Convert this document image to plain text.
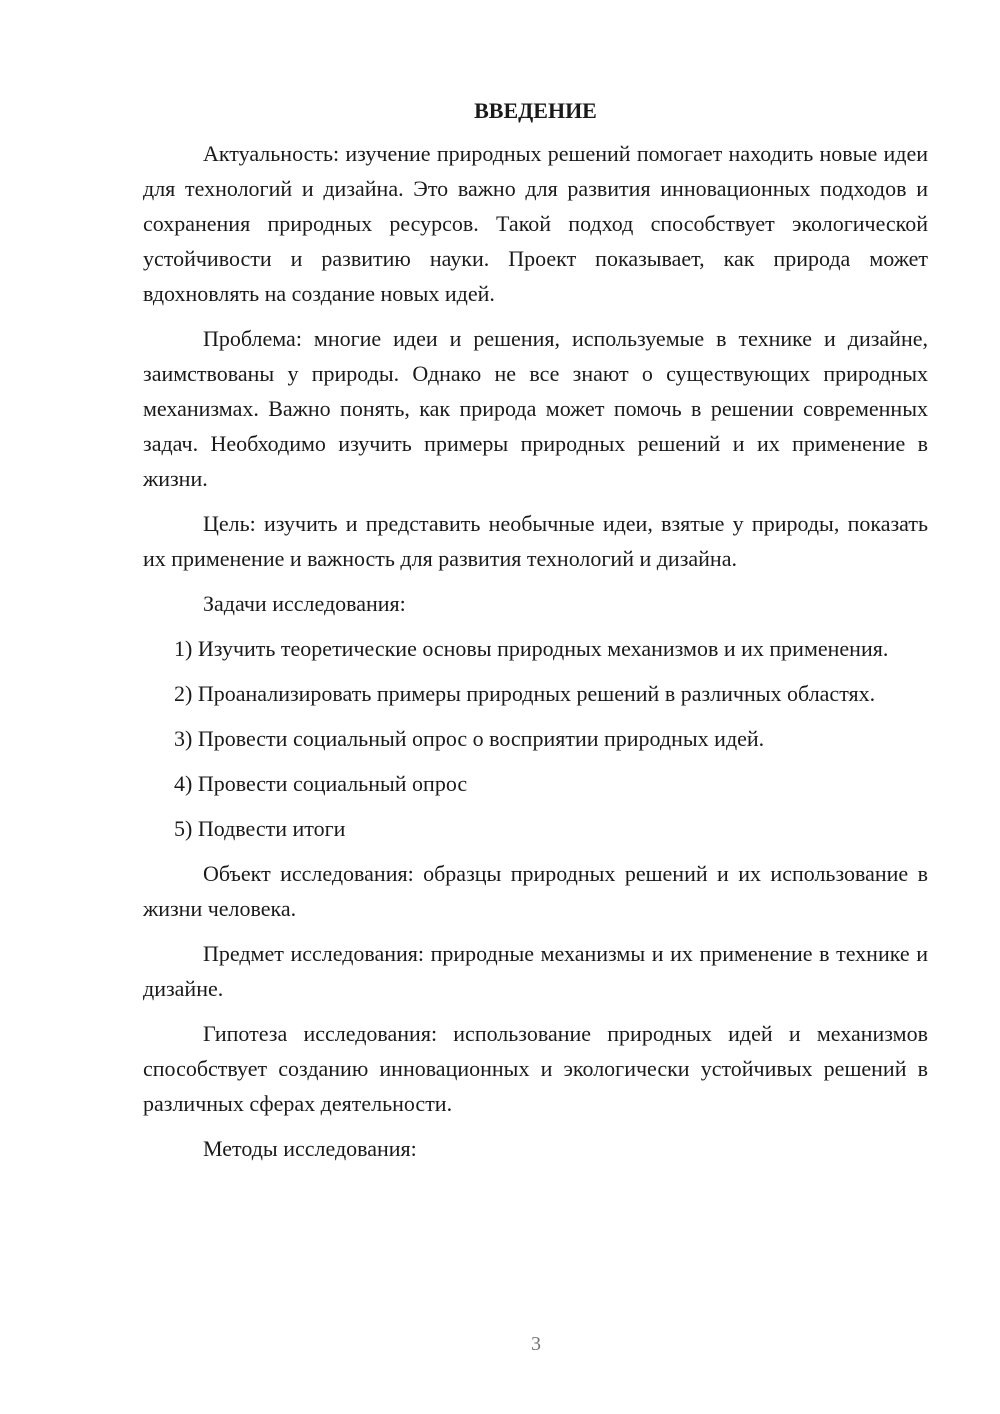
ВВЕДЕНИЕ

Актуальность: изучение природных решений помогает находить новые идеи для технологий и дизайна. Это важно для развития инновационных подходов и сохранения природных ресурсов. Такой подход способствует экологической устойчивости и развитию науки. Проект показывает, как природа может вдохновлять на создание новых идей.

Проблема: многие идеи и решения, используемые в технике и дизайне, заимствованы у природы. Однако не все знают о существующих природных механизмах. Важно понять, как природа может помочь в решении современных задач. Необходимо изучить примеры природных решений и их применение в жизни.

Цель: изучить и представить необычные идеи, взятые у природы, показать их применение и важность для развития технологий и дизайна.

Задачи исследования:

1) Изучить теоретические основы природных механизмов и их применения.

2) Проанализировать примеры природных решений в различных областях.

3) Провести социальный опрос о восприятии природных идей.

4) Провести социальный опрос

5) Подвести итоги

Объект исследования: образцы природных решений и их использование в жизни человека.

Предмет исследования: природные механизмы и их применение в технике и дизайне.

Гипотеза исследования: использование природных идей и механизмов способствует созданию инновационных и экологически устойчивых решений в различных сферах деятельности.

Методы исследования:

3
